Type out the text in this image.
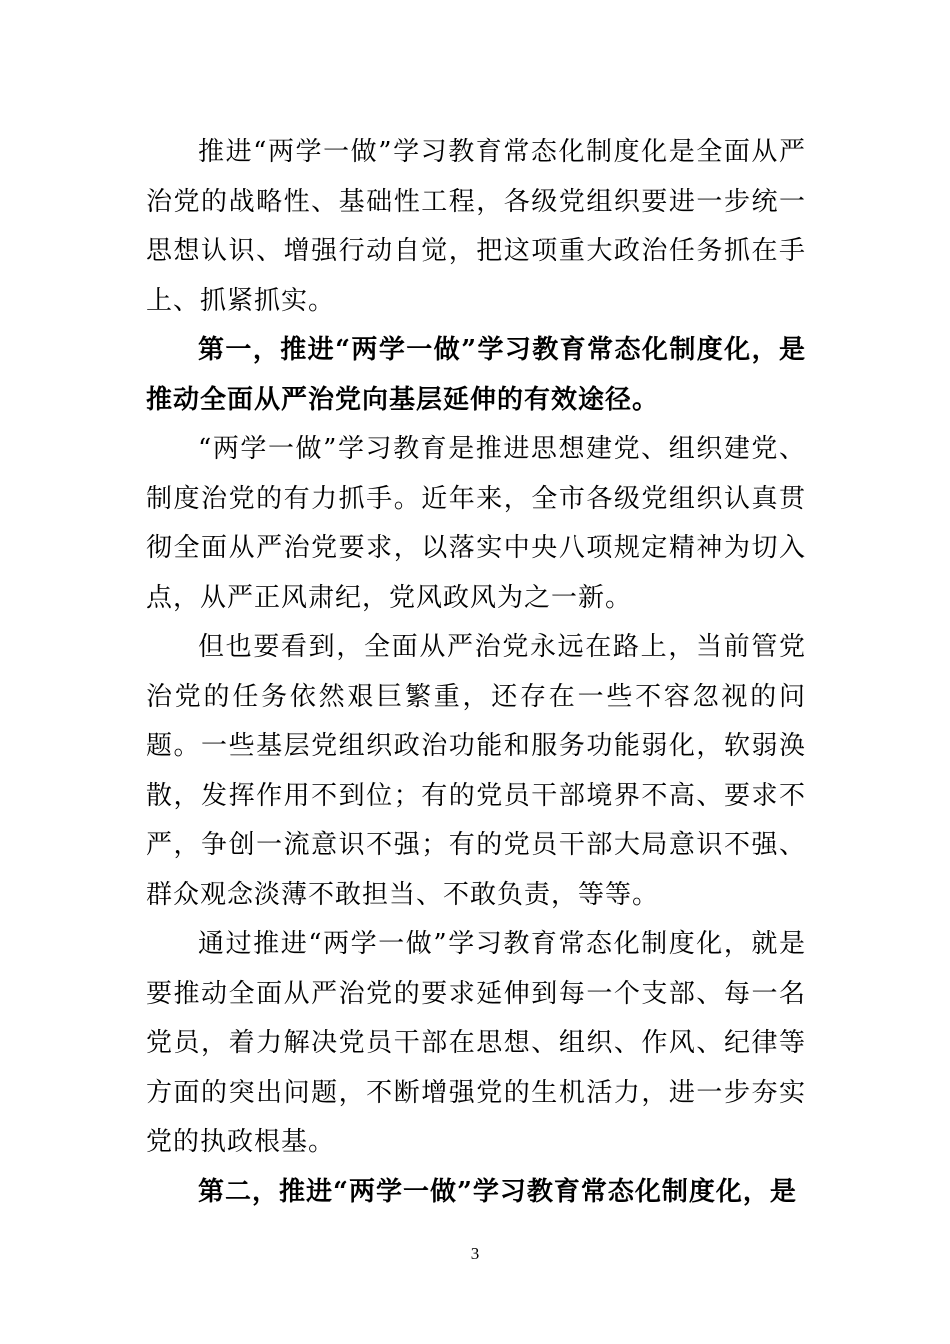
推进“两学一做”学习教育常态化制度化是全面从严治党的战略性、基础性工程，各级党组织要进一步统一思想认识、增强行动自觉，把这项重大政治任务抓在手上、抓紧抓实。

第一，推进“两学一做”学习教育常态化制度化，是推动全面从严治党向基层延伸的有效途径。

“两学一做”学习教育是推进思想建党、组织建党、制度治党的有力抓手。近年来，全市各级党组织认真贯彻全面从严治党要求，以落实中央八项规定精神为切入点，从严正风肃纪，党风政风为之一新。

但也要看到，全面从严治党永远在路上，当前管党治党的任务依然艰巨繁重，还存在一些不容忽视的问题。一些基层党组织政治功能和服务功能弱化，软弱涣散，发挥作用不到位；有的党员干部境界不高、要求不严，争创一流意识不强；有的党员干部大局意识不强、群众观念淡薄不敢担当、不敢负责，等等。

通过推进“两学一做”学习教育常态化制度化，就是要推动全面从严治党的要求延伸到每一个支部、每一名党员，着力解决党员干部在思想、组织、作风、纪律等方面的突出问题，不断增强党的生机活力，进一步夯实党的执政根基。

第二，推进“两学一做”学习教育常态化制度化，是

3
